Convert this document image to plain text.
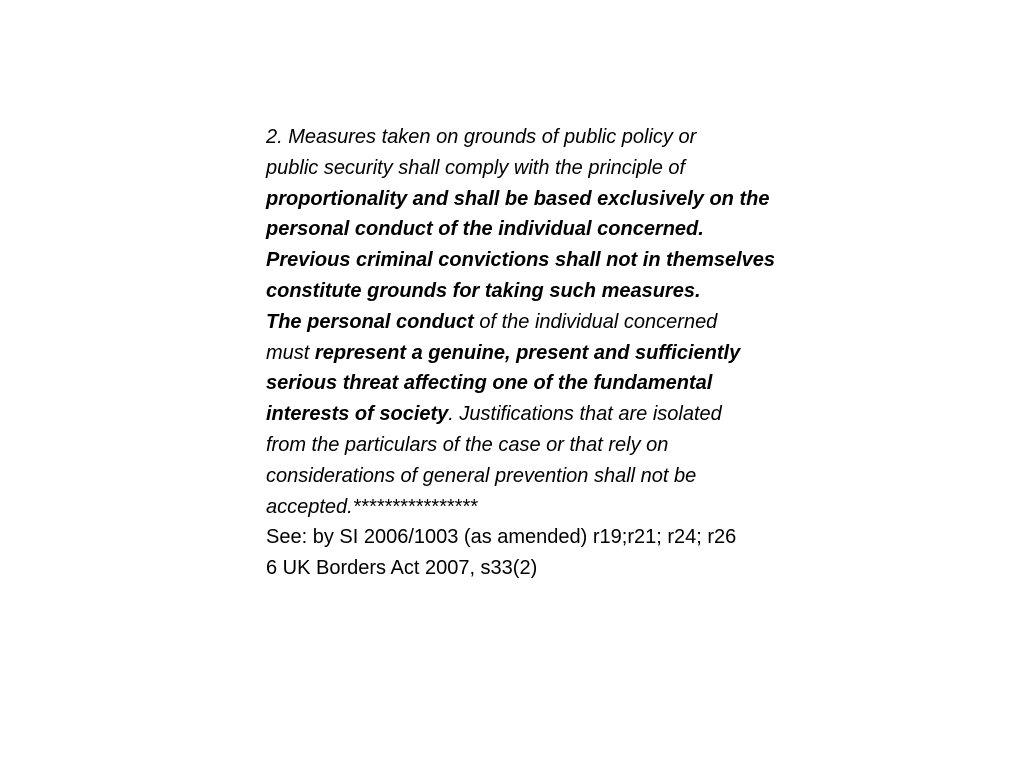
2. Measures taken on grounds of public policy or
public security shall comply with the principle of
proportionality and shall be based exclusively on the
personal conduct of the individual concerned.
Previous criminal convictions shall not in themselves
constitute grounds for taking such measures.
The personal conduct of the individual concerned
must represent a genuine, present and sufficiently
serious threat affecting one of the fundamental
interests of society. Justifications that are isolated
from the particulars of the case or that rely on
considerations of general prevention shall not be
accepted.****************
See: by SI 2006/1003 (as amended) r19;r21; r24; r26
6 UK Borders Act 2007, s33(2)
